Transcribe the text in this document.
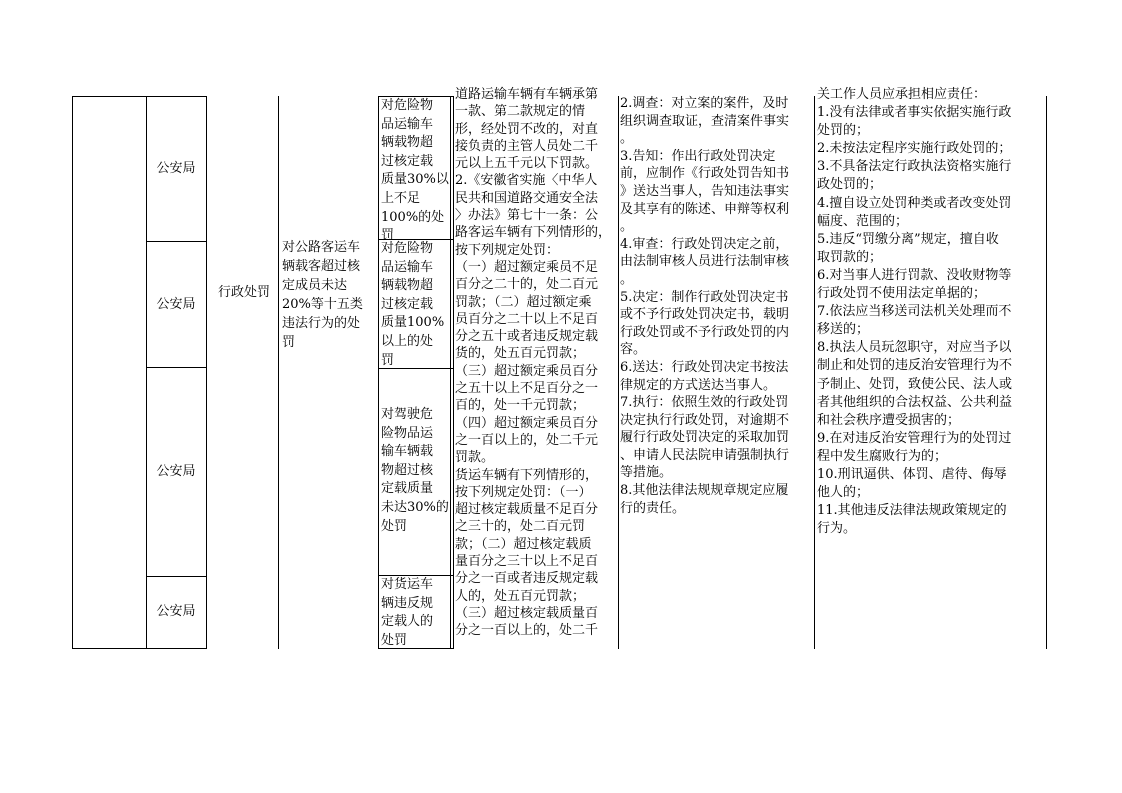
公安局
公安局
公安局
公安局
行政处罚
对公路客运车
辆载客超过核
定成员未达
20%等十五类
违法行为的处
罚
对危险物
品运输车
辆载物超
过核定载
质量30%以
上不足
100%的处
罚
对危险物
品运输车
辆载物超
过核定载
质量100%
以上的处
罚
对驾驶危
险物品运
输车辆载
物超过核
定载质量
未达30%的
处罚
对货运车
辆违反规
定载人的
处罚
道路运输车辆有车辆承第
一款、第二款规定的情
形，经处罚不改的，对直
接负责的主管人员处二千
元以上五千元以下罚款。
2.《安徽省实施〈中华人
民共和国道路交通安全法
〉办法》第七十一条：公
路客运车辆有下列情形的，
按下列规定处罚：
（一）超过额定乘员不足
百分之二十的，处二百元
罚款；（二）超过额定乘
员百分之二十以上不足百
分之五十或者违反规定载
货的，处五百元罚款；
（三）超过额定乘员百分
之五十以上不足百分之一
百的，处一千元罚款；
（四）超过额定乘员百分
之一百以上的，处二千元
罚款。
货运车辆有下列情形的，
按下列规定处罚：（一）
超过核定载质量不足百分
之三十的，处二百元罚
款；（二）超过核定载质
量百分之三十以上不足百
分之一百或者违反规定载
人的，处五百元罚款；
（三）超过核定载质量百
分之一百以上的，处二千
2.调查：对立案的案件，及时
组织调查取证，查清案件事实
。
3.告知：作出行政处罚决定
前，应制作《行政处罚告知书
》送达当事人，告知违法事实
及其享有的陈述、申辩等权利
。
4.审查：行政处罚决定之前，
由法制审核人员进行法制审核
。
5.决定：制作行政处罚决定书
或不予行政处罚决定书，载明
行政处罚或不予行政处罚的内
容。
6.送达：行政处罚决定书按法
律规定的方式送达当事人。
7.执行：依照生效的行政处罚
决定执行行政处罚，对逾期不
履行行政处罚决定的采取加罚
、申请人民法院申请强制执行
等措施。
8.其他法律法规规章规定应履
行的责任。
关工作人员应承担相应责任：
1.没有法律或者事实依据实施行政
处罚的；
2.未按法定程序实施行政处罚的；
3.不具备法定行政执法资格实施行
政处罚的；
4.擅自设立处罚种类或者改变处罚
幅度、范围的；
5.违反“罚缴分离”规定，擅自收
取罚款的；
6.对当事人进行罚款、没收财物等
行政处罚不使用法定单据的；
7.依法应当移送司法机关处理而不
移送的；
8.执法人员玩忽职守，对应当予以
制止和处罚的违反治安管理行为不
予制止、处罚，致使公民、法人或
者其他组织的合法权益、公共利益
和社会秩序遭受损害的；
9.在对违反治安管理行为的处罚过
程中发生腐败行为的；
10.刑讯逼供、体罚、虐待、侮辱
他人的；
11.其他违反法律法规政策规定的
行为。
